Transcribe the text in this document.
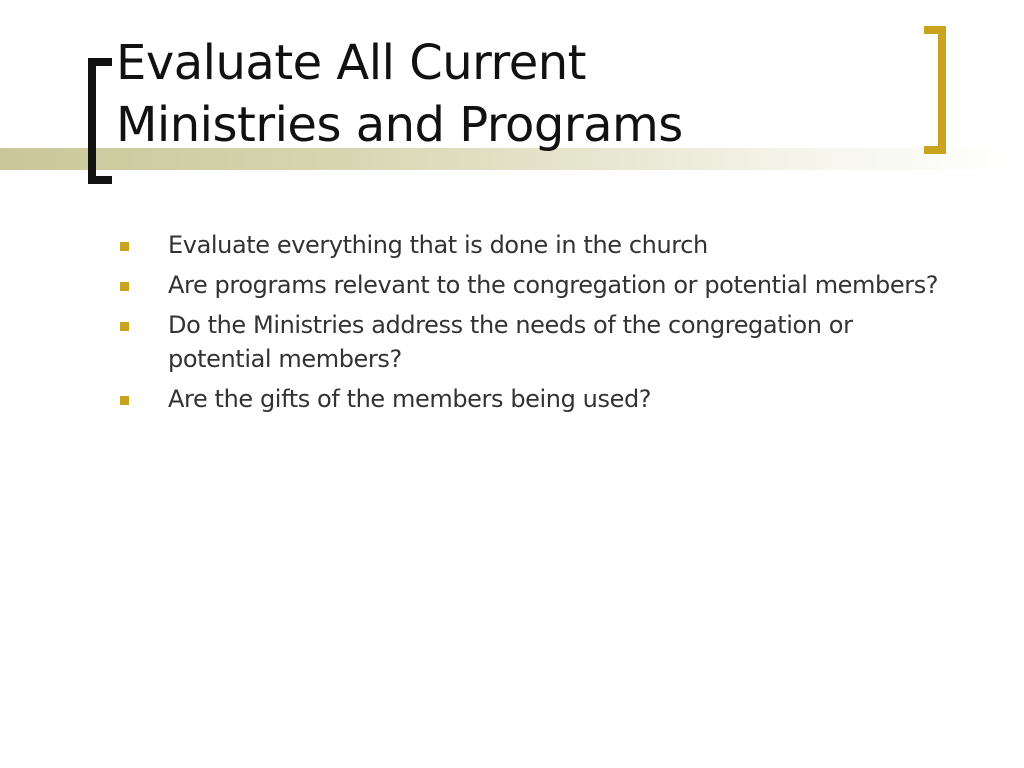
Evaluate All Current
Ministries and Programs
Evaluate everything that is done in the church
Are programs relevant to the congregation or potential members?
Do the Ministries address the needs of the congregation or potential members?
Are the gifts of the members being used?
